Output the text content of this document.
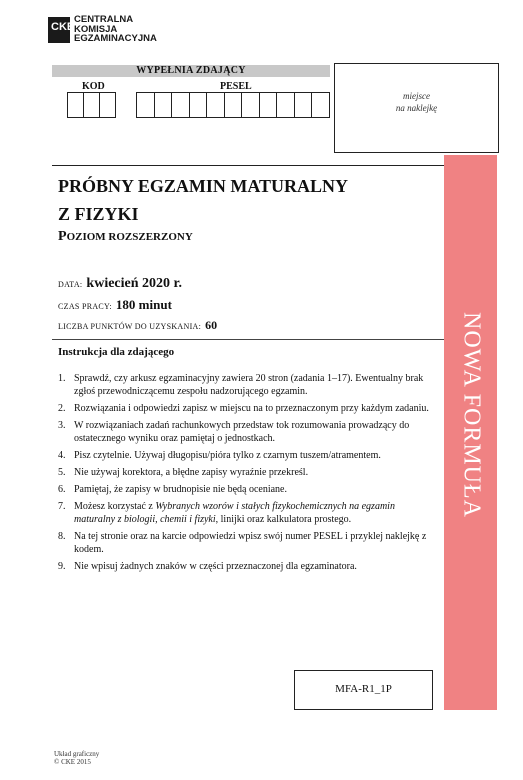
CKE
CENTRALNA
KOMISJA
EGZAMINACYJNA
WYPEŁNIA ZDAJĄCY
KOD	PESEL
miejsce
na naklejkę
NOWA FORMUŁA
PRÓBNY EGZAMIN MATURALNY
Z FIZYKI
POZIOM ROZSZERZONY
DATA: kwiecień 2020 r.
CZAS PRACY: 180 minut
LICZBA PUNKTÓW DO UZYSKANIA: 60
Instrukcja dla zdającego
1. Sprawdź, czy arkusz egzaminacyjny zawiera 20 stron (zadania 1–17). Ewentualny brak zgłoś przewodniczącemu zespołu nadzorującego egzamin.
2. Rozwiązania i odpowiedzi zapisz w miejscu na to przeznaczonym przy każdym zadaniu.
3. W rozwiązaniach zadań rachunkowych przedstaw tok rozumowania prowadzący do ostatecznego wyniku oraz pamiętaj o jednostkach.
4. Pisz czytelnie. Używaj długopisu/pióra tylko z czarnym tuszem/atramentem.
5. Nie używaj korektora, a błędne zapisy wyraźnie przekreśl.
6. Pamiętaj, że zapisy w brudnopisie nie będą oceniane.
7. Możesz korzystać z Wybranych wzorów i stałych fizykochemicznych na egzamin maturalny z biologii, chemii i fizyki, linijki oraz kalkulatora prostego.
8. Na tej stronie oraz na karcie odpowiedzi wpisz swój numer PESEL i przyklej naklejkę z kodem.
9. Nie wpisuj żadnych znaków w części przeznaczonej dla egzaminatora.
MFA-R1_1P
Układ graficzny
© CKE 2015
